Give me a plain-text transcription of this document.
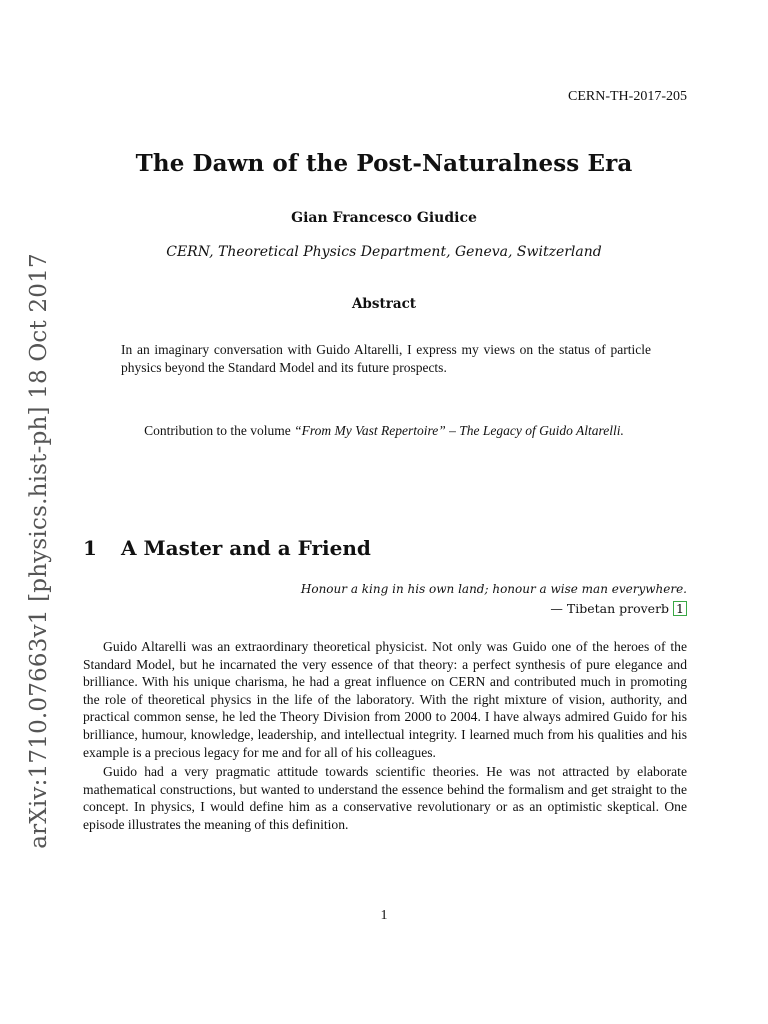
CERN-TH-2017-205
The Dawn of the Post-Naturalness Era
Gian Francesco Giudice
CERN, Theoretical Physics Department, Geneva, Switzerland
Abstract
In an imaginary conversation with Guido Altarelli, I express my views on the status of particle physics beyond the Standard Model and its future prospects.
Contribution to the volume “From My Vast Repertoire” – The Legacy of Guido Altarelli.
1 A Master and a Friend
Honour a king in his own land; honour a wise man everywhere.
— Tibetan proverb 1

Guido Altarelli was an extraordinary theoretical physicist. Not only was Guido one of the heroes of the Standard Model, but he incarnated the very essence of that theory: a perfect synthesis of pure elegance and brilliance. With his unique charisma, he had a great influence on CERN and contributed much in promoting the role of theoretical physics in the life of the laboratory. With the right mixture of vision, authority, and practical common sense, he led the Theory Division from 2000 to 2004. I have always admired Guido for his brilliance, humour, knowledge, leadership, and intellectual integrity. I learned much from his qualities and his example is a precious legacy for me and for all of his colleagues.

Guido had a very pragmatic attitude towards scientific theories. He was not attracted by elaborate mathematical constructions, but wanted to understand the essence behind the formalism and get straight to the concept. In physics, I would define him as a conservative revolutionary or as an optimistic skeptical. One episode illustrates the meaning of this definition.

1
arXiv:1710.07663v1 [physics.hist-ph] 18 Oct 2017
